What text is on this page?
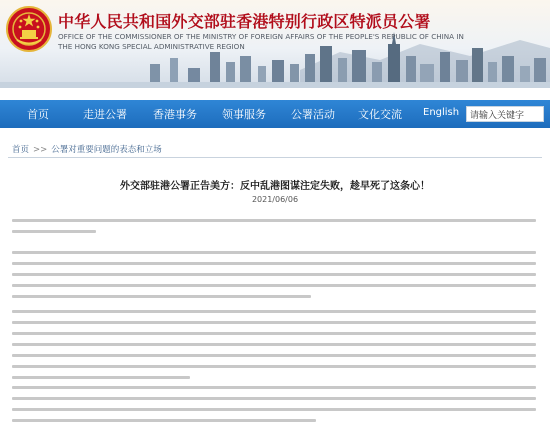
中华人民共和国外交部驻香港特别行政区特派员公署
OFFICE OF THE COMMISSIONER OF THE MINISTRY OF FOREIGN AFFAIRS OF THE PEOPLE'S REPUBLIC OF CHINA IN
THE HONG KONG SPECIAL ADMINISTRATIVE REGION
首页	走进公署 香港事务 领事服务 公署活动 文化交流 English
请输入关键字
首页 >> 公署对重要问题的表态和立场
外交部驻港公署正告美方：反中乱港图谋注定失败，趁早死了这条心！
2021/06/06
